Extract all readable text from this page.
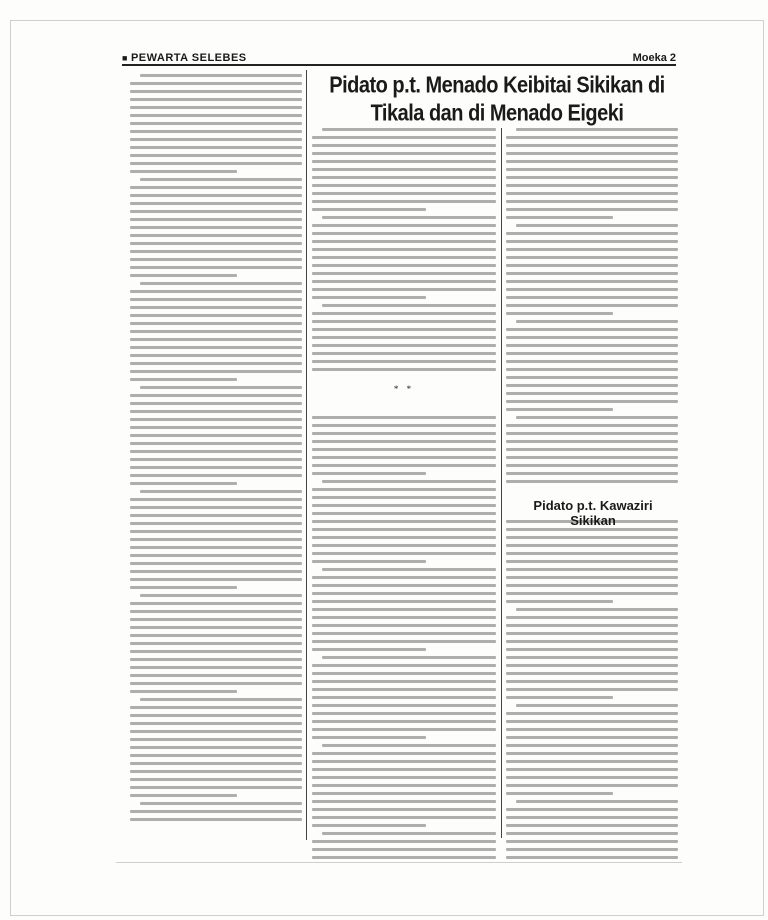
■ PEWARTA SELEBES	Moeka 2
Pidato p.t. Menado Keibitai Sikikan di Tikala dan di Menado Eigeki
* *
Pidato p.t. Kawaziri Sikikan
